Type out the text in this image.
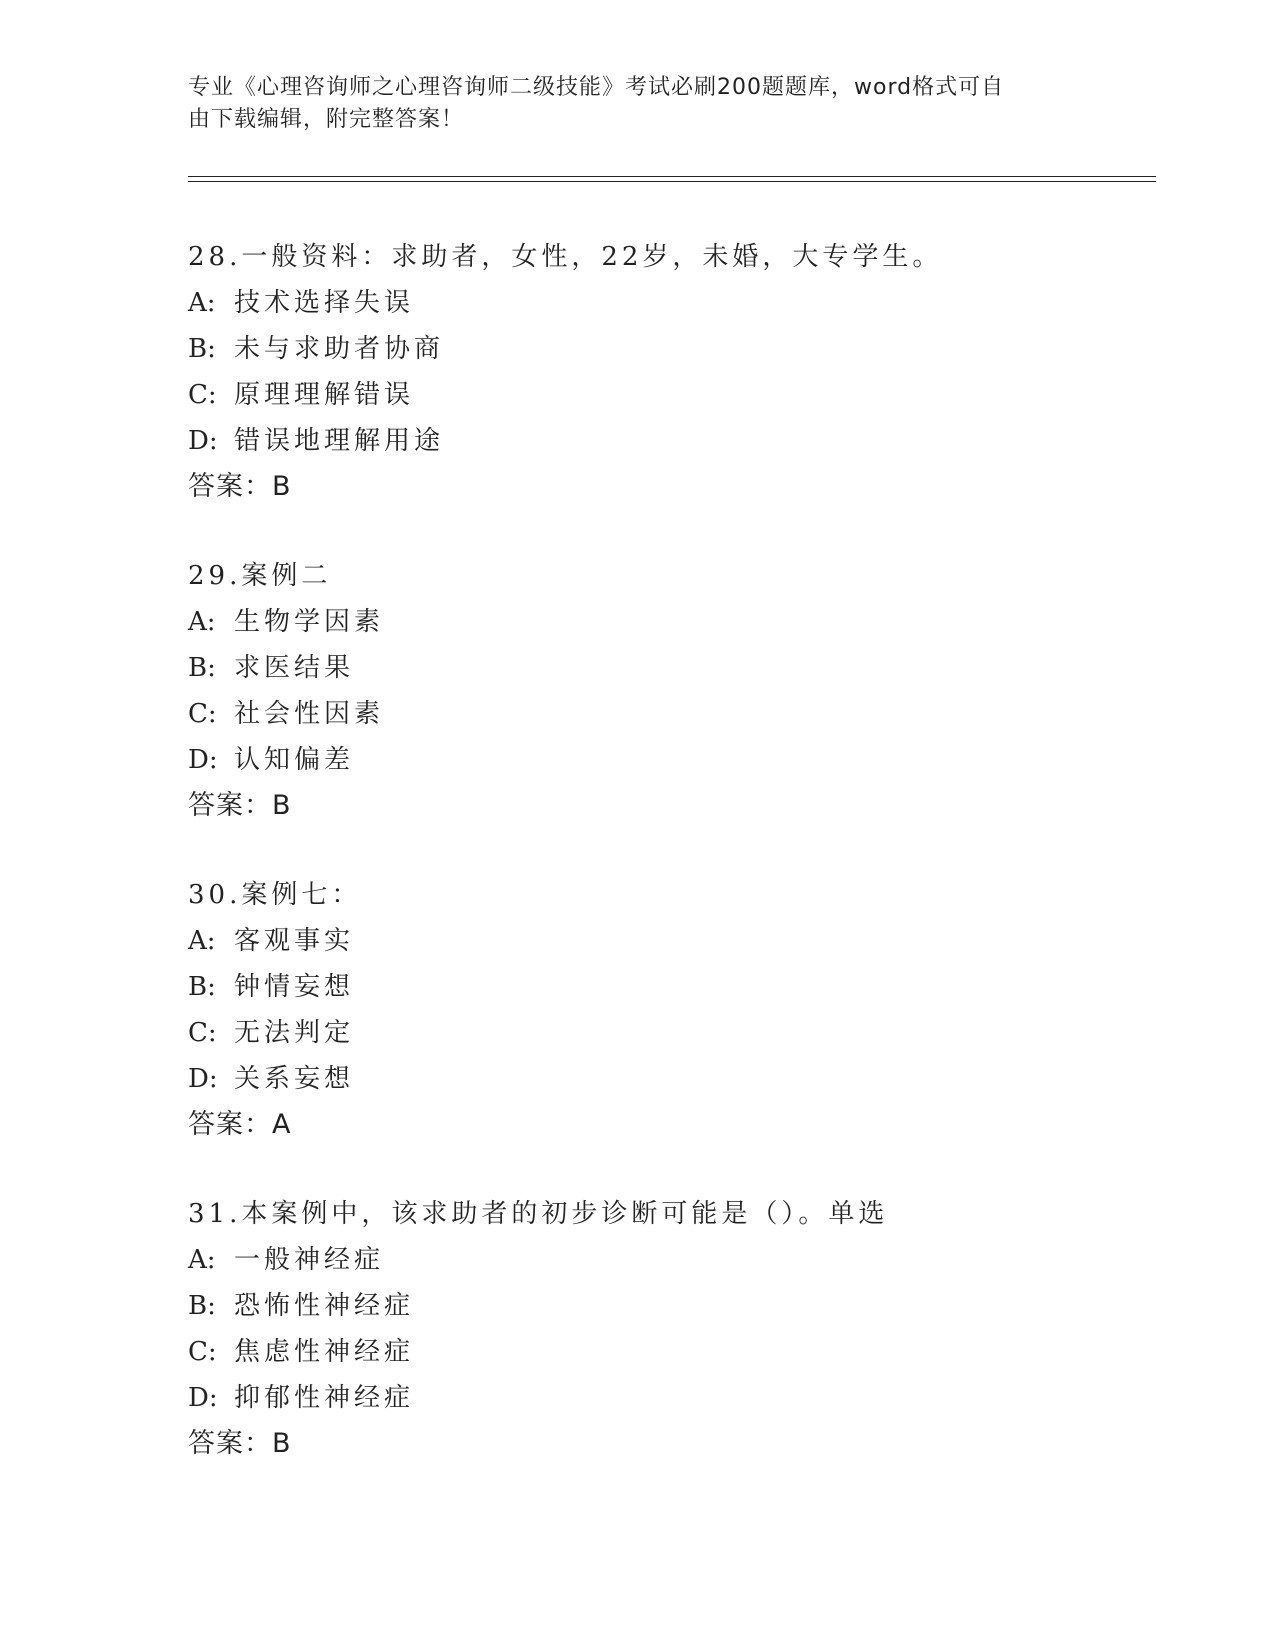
专业《心理咨询师之心理咨询师二级技能》考试必刷200题题库，word格式可自
由下载编辑，附完整答案！
28.一般资料：求助者，女性，22岁，未婚，大专学生。
A: 技术选择失误
B: 未与求助者协商
C: 原理理解错误
D: 错误地理解用途
答案：B
29.案例二
A: 生物学因素
B: 求医结果
C: 社会性因素
D: 认知偏差
答案：B
30.案例七：
A: 客观事实
B: 钟情妄想
C: 无法判定
D: 关系妄想
答案：A
31.本案例中，该求助者的初步诊断可能是（）。单选
A: 一般神经症
B: 恐怖性神经症
C: 焦虑性神经症
D: 抑郁性神经症
答案：B
